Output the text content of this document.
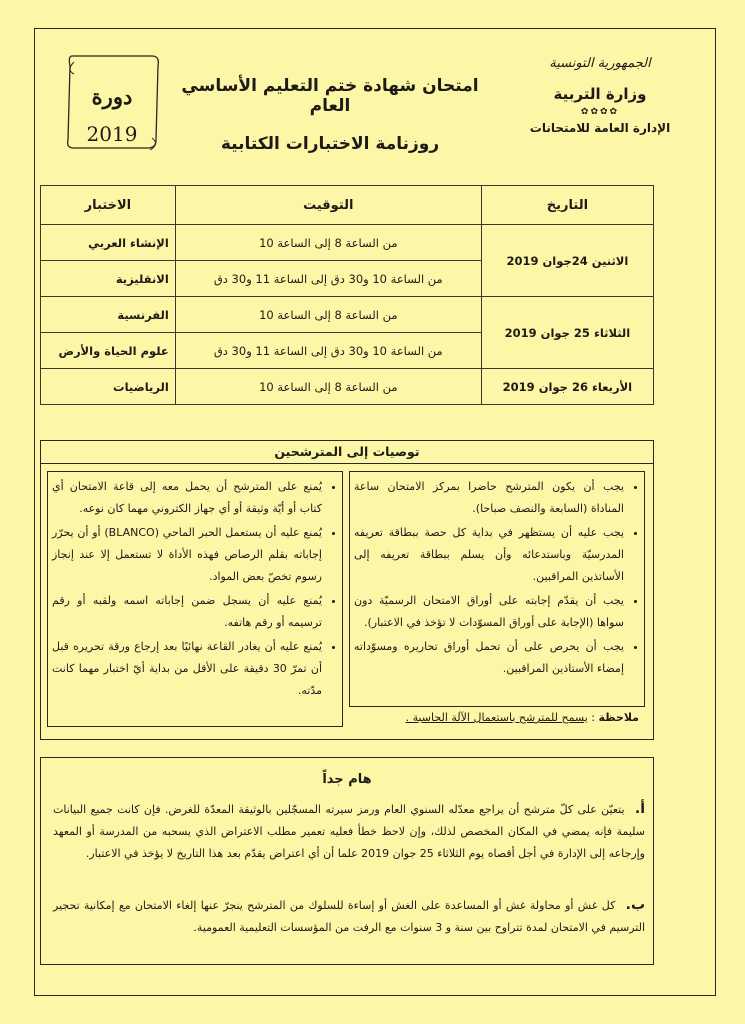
دورة
2019
امتحان شهادة ختم التعليم الأساسي العام
روزنامة الاختبارات الكتابية
الجمهورية التونسية
وزارة التربية
✿✿✿✿
الإدارة العامة للامتحانات
التاريخ	التوقيت	الاختبار
الاثنين 24جوان 2019	من الساعة 8 إلى الساعة 10	الإنشاء العربي
	من الساعة 10 و30 دق إلى الساعة 11 و30 دق	الانقليزية
الثلاثاء 25 جوان 2019	من الساعة 8 إلى الساعة 10	الفرنسية
	من الساعة 10 و30 دق إلى الساعة 11 و30 دق	علوم الحياة والأرض
الأربعاء 26 جوان 2019	من الساعة 8 إلى الساعة 10	الرياضيات
توصيات إلى المترشحين
• يجب أن يكون المترشح حاضرا بمركز الامتحان ساعة المناداة (السابعة والنصف صباحا).
• يجب عليه أن يستظهر في بداية كل حصة ببطاقة تعريفه المدرسيّة وباستدعائه وأن يسلم ببطاقة تعريفه إلى الأساتذين المراقبين.
• يجب أن يقدّم إجابته على أوراق الامتحان الرسميّة دون سواها (الإجابة على أوراق المسوّدات لا تؤخذ في الاعتبار).
• يجب أن يحرص على أن تحمل أوراق تحاريره ومسوّداته إمضاء الأستاذين المراقبين.
• يُمنع على المترشح أن يحمل معه إلى قاعة الامتحان أي كتاب أو أيّة وثيقة أو أي جهاز الكتروني مهما كان نوعه.
• يُمنع عليه أن يستعمل الحبر الماحي (BLANCO) أو أن يحرّر إجاباته بقلم الرصاص فهذه الأداة لا تستعمل إلا عند إنجاز رسوم تخصّ بعض المواد.
• يُمنع عليه أن يسجل ضمن إجاباته اسمه ولقبه أو رقم ترسيمه أو رقم هاتفه.
• يُمنع عليه أن يغادر القاعة نهائيًا بعد إرجاع ورقة تحريره قبل أن تمرّ 30 دقيقة على الأقل من بداية أيّ اختبار مهما كانت مدّته.
ملاحظة : يسمح للمترشح باستعمال الآلة الحاسبة .
هام جداً
أ. يتعيّن على كلّ مترشح أن يراجع معدّله السنوي العام ورمز سيرته المسجّلين بالوثيقة المعدّة للغرض. فإن كانت جميع البيانات سليمة فإنه يمضي في المكان المخصص لذلك، وإن لاحظ خطأ فعليه تعمير مطلب الاعتراض الذي يسحبه من المدرسة أو المعهد وإرجاعه إلى الإدارة في أجل أقصاه يوم الثلاثاء 25 جوان 2019 علما أن أي اعتراض يقدّم بعد هذا التاريخ لا يؤخذ في الاعتبار.
ب. كل غش أو محاولة غش أو المساعدة على الغش أو إساءة للسلوك من المترشح ينجرّ عنها إلغاء الامتحان مع إمكانية تحجير الترسيم في الامتحان لمدة تتراوح بين سنة و 3 سنوات مع الرفت من المؤسسات التعليمية العمومية.
